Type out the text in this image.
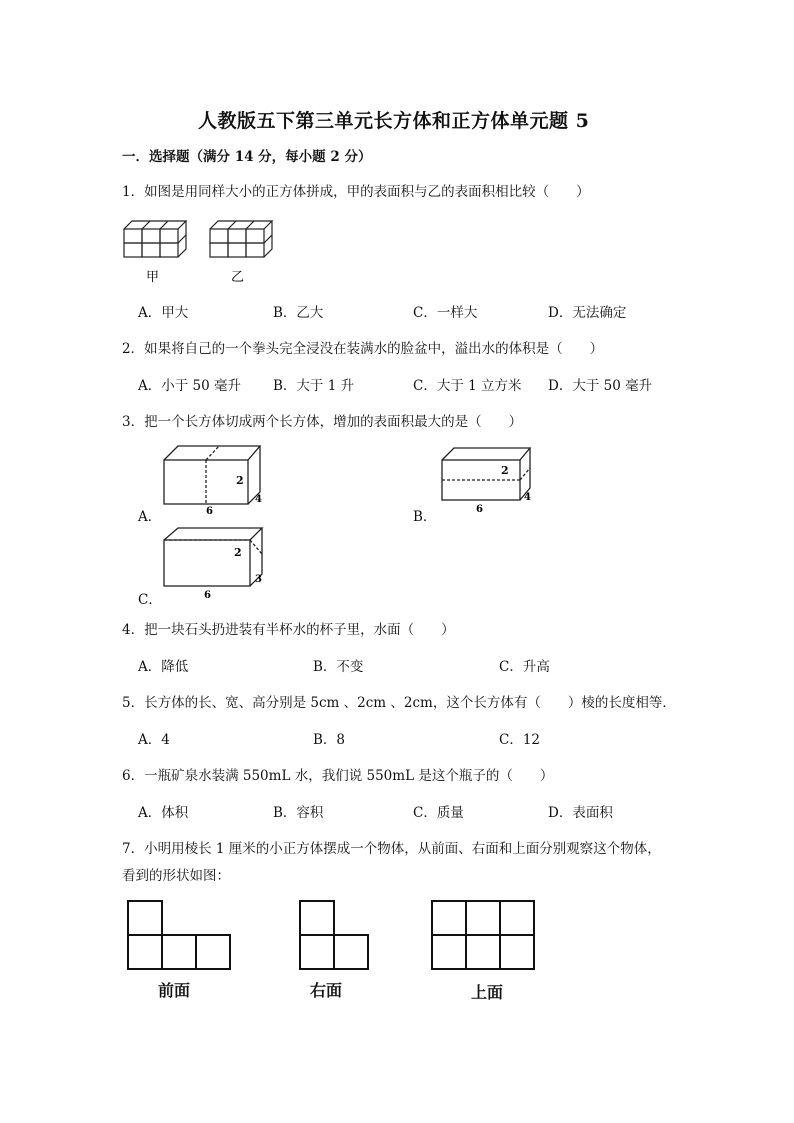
人教版五下第三单元长方体和正方体单元题 5
一．选择题（满分 14 分，每小题 2 分）
1．如图是用同样大小的正方体拼成，甲的表面积与乙的表面积相比较（　　）
甲	乙
A．甲大	B．乙大	C．一样大	D．无法确定
2．如果将自己的一个拳头完全浸没在装满水的脸盆中，溢出水的体积是（　　）
A．小于 50 毫升 B．大于 1 升	C．大于 1 立方米 D．大于 50 毫升
3．把一个长方体切成两个长方体，增加的表面积最大的是（　　）
A．
2
4
6	B．
2
4
6
C．
2
3
6
4．把一块石头扔进装有半杯水的杯子里，水面（　　）
A．降低	B．不变	C．升高
5．长方体的长、宽、高分别是 5cm 、2cm 、2cm，这个长方体有（　　）棱的长度相等．
A．4	B．8	C．12
6．一瓶矿泉水装满 550mL 水，我们说 550mL 是这个瓶子的（　　）
A．体积	B．容积	C．质量	D．表面积
7．小明用棱长 1 厘米的小正方体摆成一个物体，从前面、右面和上面分别观察这个物体，
看到的形状如图：
前面	右面	上面
